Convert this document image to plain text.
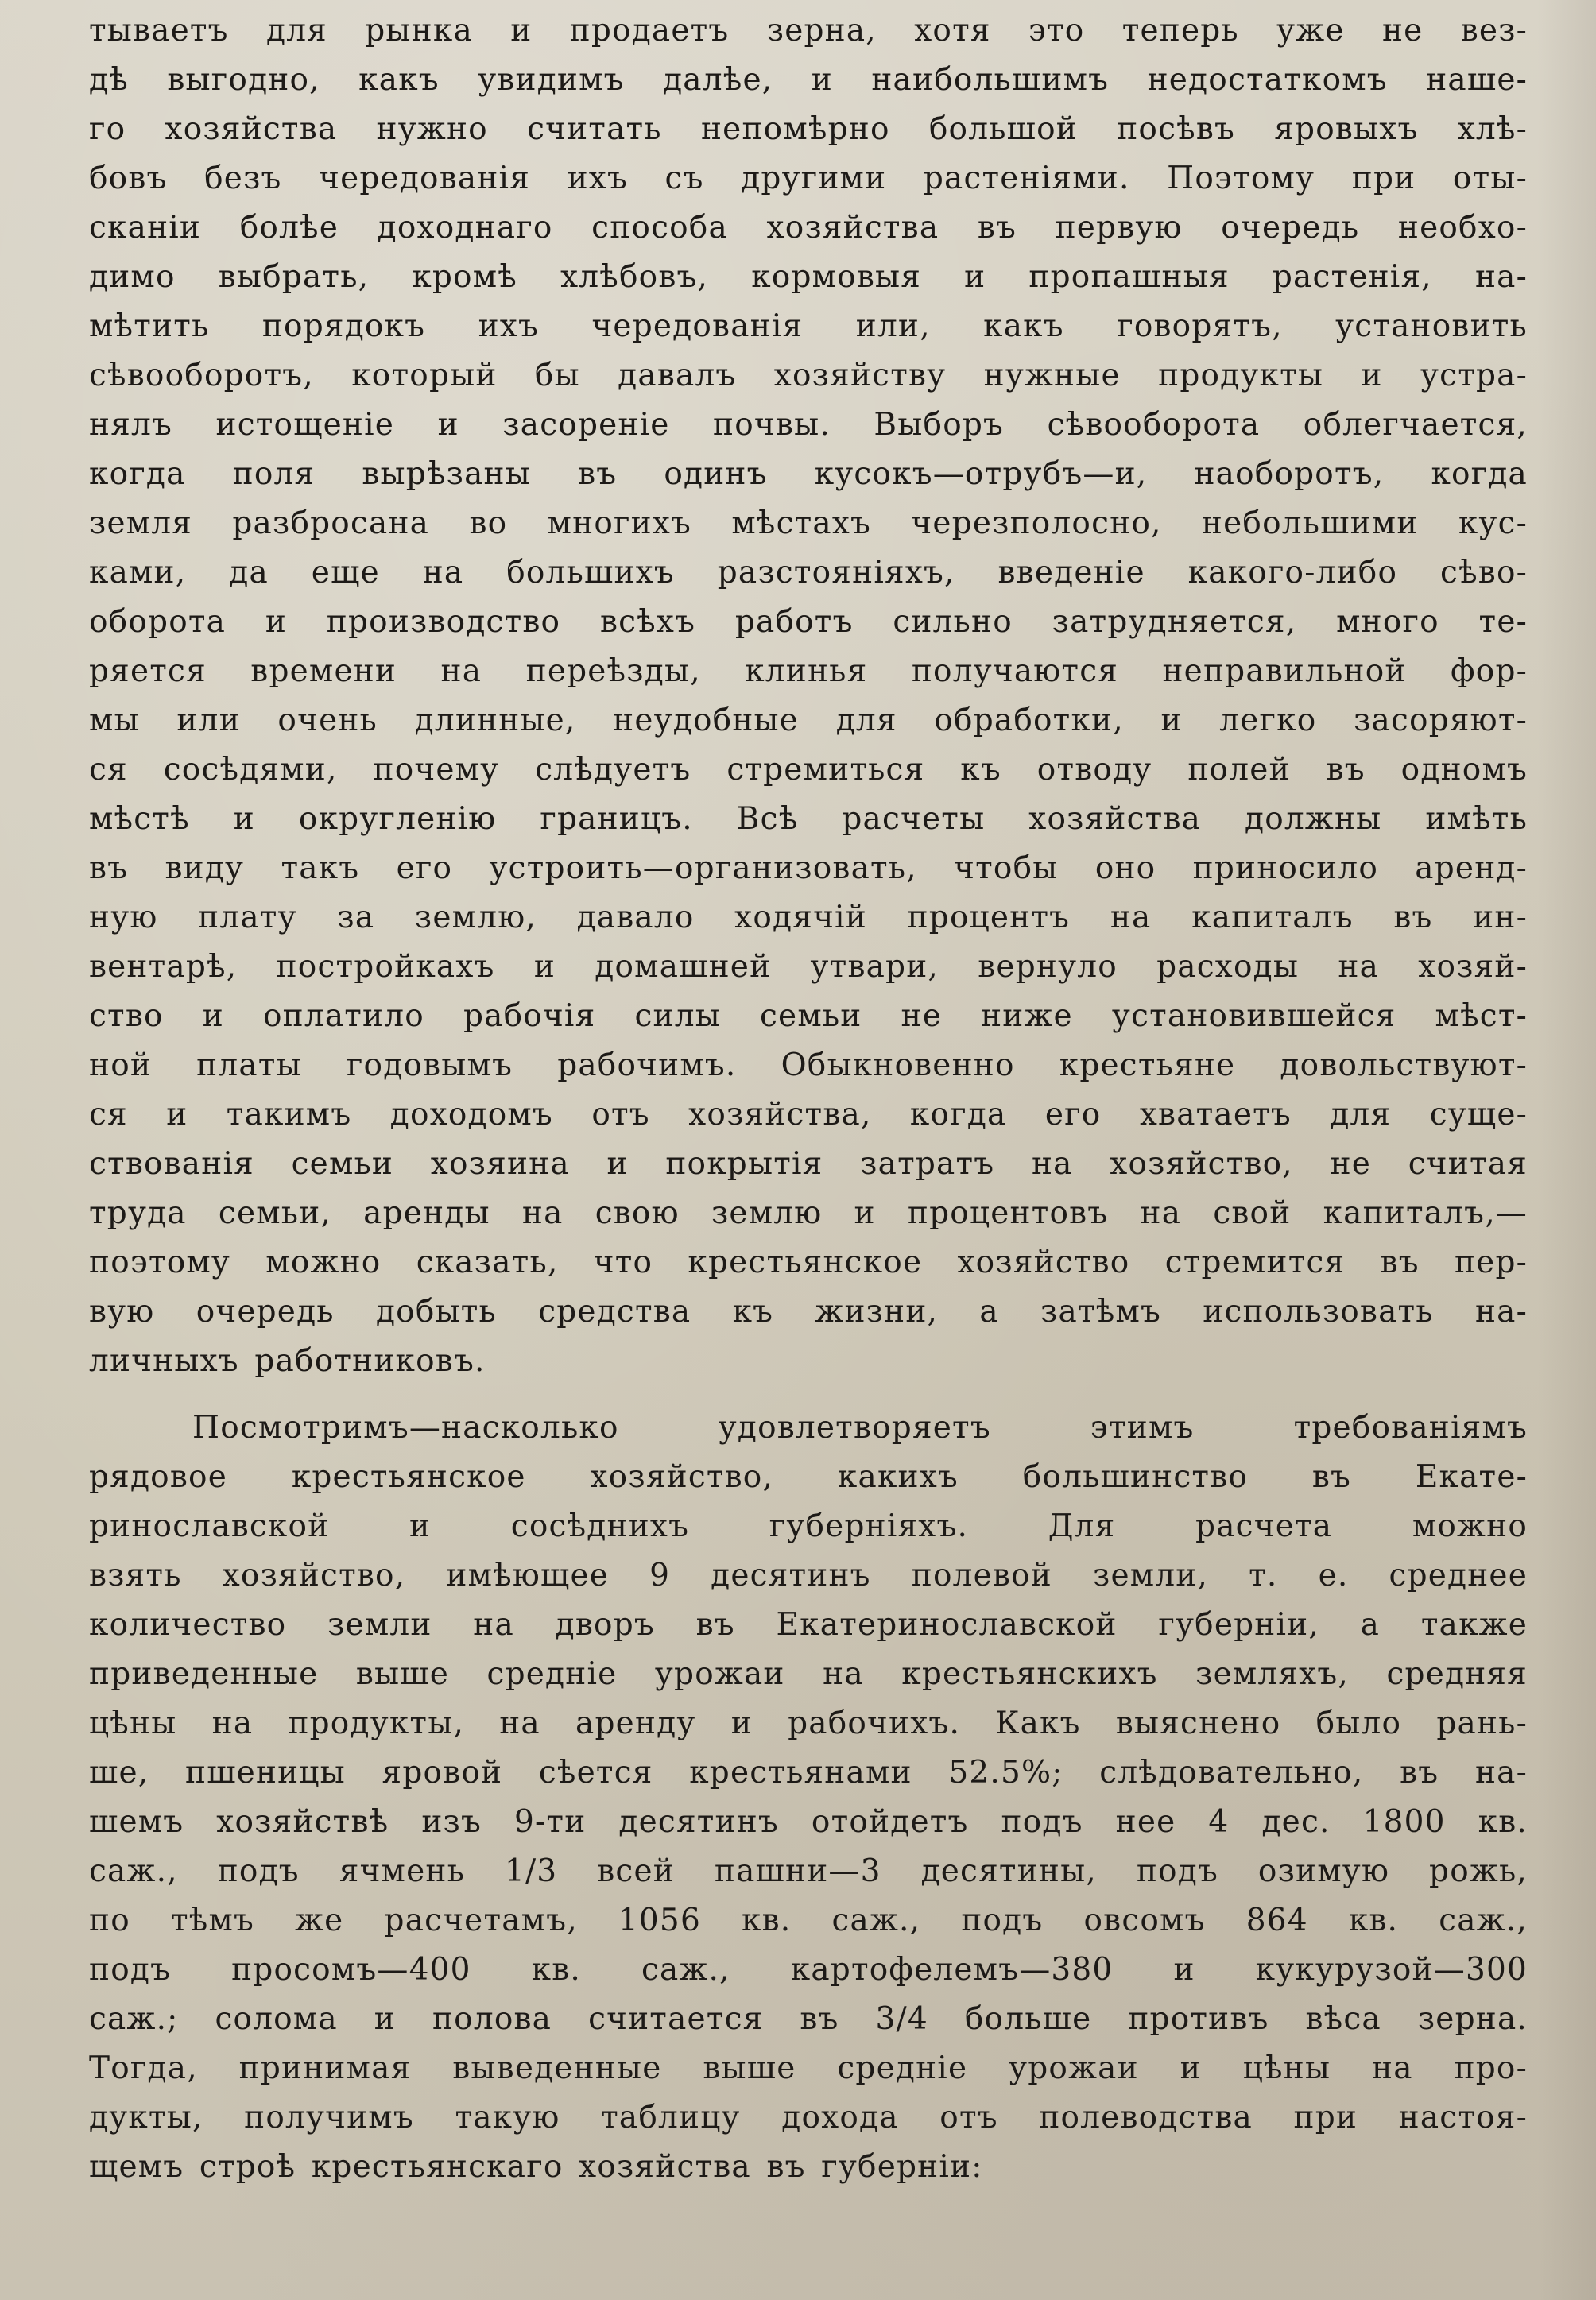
тываетъ для рынка и продаетъ зерна, хотя это теперь уже не вез-
дѣ выгодно, какъ увидимъ далѣе, и наибольшимъ недостаткомъ наше-
го хозяйства нужно считать непомѣрно большой посѣвъ яровыхъ хлѣ-
бовъ безъ чередованія ихъ съ другими растеніями. Поэтому при оты-
сканіи болѣе доходнаго способа хозяйства въ первую очередь необхо-
димо выбрать, кромѣ хлѣбовъ, кормовыя и пропашныя растенія, на-
мѣтить порядокъ ихъ чередованія или, какъ говорятъ, установить
сѣвооборотъ, который бы давалъ хозяйству нужные продукты и устра-
нялъ истощеніе и засореніе почвы. Выборъ сѣвооборота облегчается,
когда поля вырѣзаны въ одинъ кусокъ—отрубъ—и, наоборотъ, когда
земля разбросана во многихъ мѣстахъ черезполосно, небольшими кус-
ками, да еще на большихъ разстояніяхъ, введеніе какого-либо сѣво-
оборота и производство всѣхъ работъ сильно затрудняется, много те-
ряется времени на переѣзды, клинья получаются неправильной фор-
мы или очень длинные, неудобные для обработки, и легко засоряют-
ся сосѣдями, почему слѣдуетъ стремиться къ отводу полей въ одномъ
мѣстѣ и округленію границъ. Всѣ расчеты хозяйства должны имѣть
въ виду такъ его устроить—организовать, чтобы оно приносило аренд-
ную плату за землю, давало ходячій процентъ на капиталъ въ ин-
вентарѣ, постройкахъ и домашней утвари, вернуло расходы на хозяй-
ство и оплатило рабочія силы семьи не ниже установившейся мѣст-
ной платы годовымъ рабочимъ. Обыкновенно крестьяне довольствуют-
ся и такимъ доходомъ отъ хозяйства, когда его хватаетъ для суще-
ствованія семьи хозяина и покрытія затратъ на хозяйство, не считая
труда семьи, аренды на свою землю и процентовъ на свой капиталъ,—
поэтому можно сказать, что крестьянское хозяйство стремится въ пер-
вую очередь добыть средства къ жизни, а затѣмъ использовать на-
личныхъ работниковъ.
Посмотримъ—насколько удовлетворяетъ этимъ требованіямъ
рядовое крестьянское хозяйство, какихъ большинство въ Екате-
ринославской и сосѣднихъ губерніяхъ. Для расчета можно
взять хозяйство, имѣющее 9 десятинъ полевой земли, т. е. среднее
количество земли на дворъ въ Екатеринославской губерніи, а также
приведенные выше средніе урожаи на крестьянскихъ земляхъ, средняя
цѣны на продукты, на аренду и рабочихъ. Какъ выяснено было рань-
ше, пшеницы яровой сѣется крестьянами 52.5%; слѣдовательно, въ на-
шемъ хозяйствѣ изъ 9-ти десятинъ отойдетъ подъ нее 4 дес. 1800 кв.
саж., подъ ячмень 1/3 всей пашни—3 десятины, подъ озимую рожь,
по тѣмъ же расчетамъ, 1056 кв. саж., подъ овсомъ 864 кв. саж.,
подъ просомъ—400 кв. саж., картофелемъ—380 и кукурузой—300
саж.; солома и полова считается въ 3/4 больше противъ вѣса зерна.
Тогда, принимая выведенные выше средніе урожаи и цѣны на про-
дукты, получимъ такую таблицу дохода отъ полеводства при настоя-
щемъ строѣ крестьянскаго хозяйства въ губерніи:
